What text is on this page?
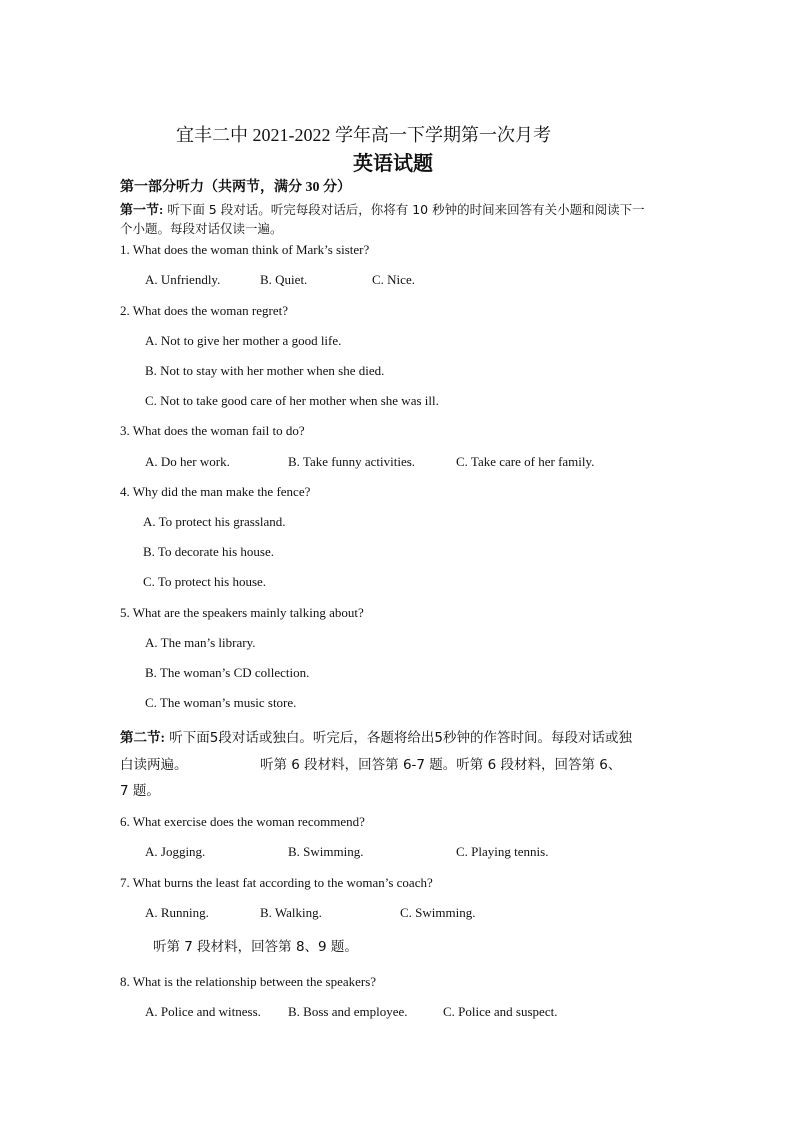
宜丰二中 2021-2022 学年高一下学期第一次月考
英语试题
第一部分听力（共两节，满分 30 分）
第一节: 听下面 5 段对话。听完每段对话后，你将有 10 秒钟的时间来回答有关小题和阅读下一
个小题。每段对话仅读一遍。
1. What does the woman think of Mark’s sister?
A. Unfriendly.	B. Quiet.	C. Nice.
2. What does the woman regret?
A. Not to give her mother a good life.
B. Not to stay with her mother when she died.
C. Not to take good care of her mother when she was ill.
3. What does the woman fail to do?
A. Do her work.	B. Take funny activities.	C. Take care of her family.
4. Why did the man make the fence?
A. To protect his grassland.
B. To decorate his house.
C. To protect his house.
5. What are the speakers mainly talking about?
A. The man’s library.
B. The woman’s CD collection.
C. The woman’s music store.
第二节: 听下面5段对话或独白。听完后，各题将给出5秒钟的作答时间。每段对话或独
白读两遍。	听第 6 段材料，回答第 6-7 题。听第 6 段材料，回答第 6、
7 题。
6. What exercise does the woman recommend?
A. Jogging.	B. Swimming.	C. Playing tennis.
7. What burns the least fat according to the woman’s coach?
A. Running.	B. Walking.	C. Swimming.
听第 7 段材料，回答第 8、9 题。
8. What is the relationship between the speakers?
A. Police and witness. B. Boss and employee.	C. Police and suspect.
